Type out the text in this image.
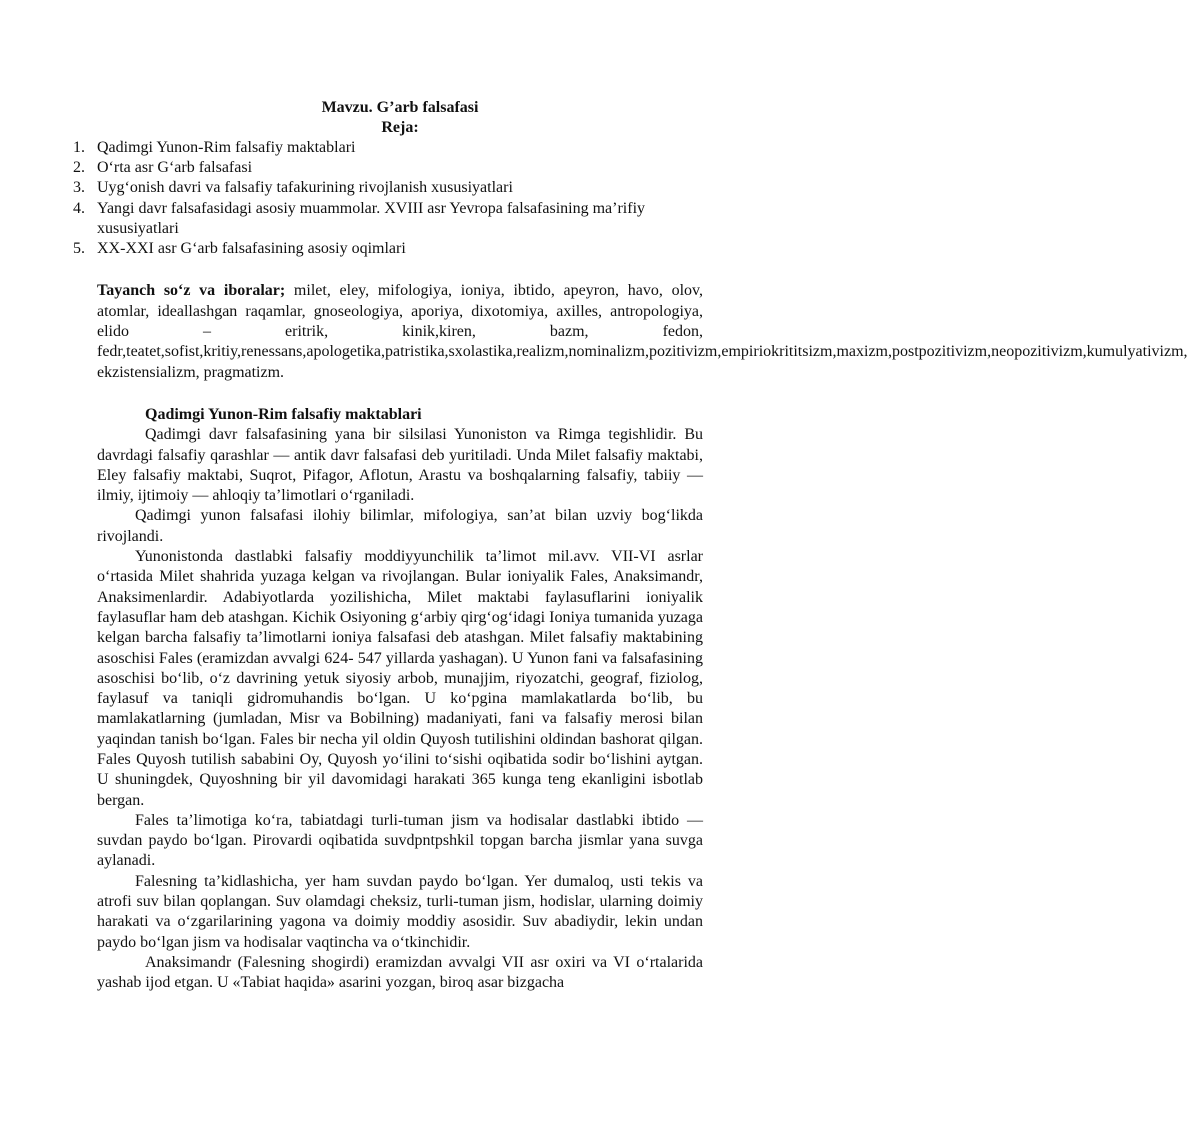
Mavzu. G’arb falsafasi

Reja:

1. Qadimgi Yunon-Rim falsafiy maktablari
2. O‘rta asr G‘arb falsafasi
3. Uyg‘onish davri va falsafiy tafakurining rivojlanish xususiyatlari
4. Yangi davr falsafasidagi asosiy muammolar. XVIII asr Yevropa falsafasining ma’rifiy xususiyatlari
5. XX-XXI asr G‘arb falsafasining asosiy oqimlari

Tayanch so‘z va iboralar; milet, eley, mifologiya, ioniya, ibtido, apeyron, havo, olov, atomlar, ideallashgan raqamlar, gnoseologiya, aporiya, dixotomiya, axilles, antropologiya, elido – eritrik, kinik,kiren, bazm, fedon, fedr,teatet,sofist,kritiy,renessans,apologetika,patristika,sxolastika,realizm,nominalizm,pozitivizm,empiriokrititsizm,maxizm,postpozitivizm,neopozitivizm,kumulyativizm, ekzistensializm, pragmatizm.

Qadimgi Yunon-Rim falsafiy maktablari

Qadimgi davr falsafasining yana bir silsilasi Yunoniston va Rimga tegishlidir. Bu davrdagi falsafiy qarashlar — antik davr falsafasi deb yuritiladi. Unda Milet falsafiy maktabi, Eley falsafiy maktabi, Suqrot, Pifagor, Aflotun, Arastu va boshqalarning falsafiy, tabiiy — ilmiy, ijtimoiy — ahloqiy ta’limotlari o‘rganiladi.

Qadimgi yunon falsafasi ilohiy bilimlar, mifologiya, san’at bilan uzviy bog‘likda rivojlandi.

Yunonistonda dastlabki falsafiy moddiyyunchilik ta’limot mil.avv. VII-VI asrlar o‘rtasida Milet shahrida yuzaga kelgan va rivojlangan. Bular ioniyalik Fales, Anaksimandr, Anaksimenlardir. Adabiyotlarda yozilishicha, Milet maktabi faylasuflarini ioniyalik faylasuflar ham deb atashgan. Kichik Osiyoning g‘arbiy qirg‘og‘idagi Ioniya tumanida yuzaga kelgan barcha falsafiy ta’limotlarni ioniya falsafasi deb atashgan. Milet falsafiy maktabining asoschisi Fales (eramizdan avvalgi 624- 547 yillarda yashagan). U Yunon fani va falsafasining asoschisi bo‘lib, o‘z davrining yetuk siyosiy arbob, munajjim, riyozatchi, geograf, fiziolog, faylasuf va taniqli gidromuhandis bo‘lgan. U ko‘pgina mamlakatlarda bo‘lib, bu mamlakatlarning (jumladan, Misr va Bobilning) madaniyati, fani va falsafiy merosi bilan yaqindan tanish bo‘lgan. Fales bir necha yil oldin Quyosh tutilishini oldindan bashorat qilgan. Fales Quyosh tutilish sababini Oy, Quyosh yo‘ilini to‘sishi oqibatida sodir bo‘lishini aytgan. U shuningdek, Quyoshning bir yil davomidagi harakati 365 kunga teng ekanligini isbotlab bergan.

Fales ta’limotiga ko‘ra, tabiatdagi turli-tuman jism va hodisalar dastlabki ibtido — suvdan paydo bo‘lgan. Pirovardi oqibatida suvdpntpshkil topgan barcha jismlar yana suvga aylanadi.

Falesning ta’kidlashicha, yer ham suvdan paydo bo‘lgan. Yer dumaloq, usti tekis va atrofi suv bilan qoplangan. Suv olamdagi cheksiz, turli-tuman jism, hodislar, ularning doimiy harakati va o‘zgarilarining yagona va doimiy moddiy asosidir. Suv abadiydir, lekin undan paydo bo‘lgan jism va hodisalar vaqtincha va o‘tkinchidir.

Anaksimandr (Falesning shogirdi) eramizdan avvalgi VII asr oxiri va VI o‘rtalarida yashab ijod etgan. U «Tabiat haqida» asarini yozgan, biroq asar bizgacha
